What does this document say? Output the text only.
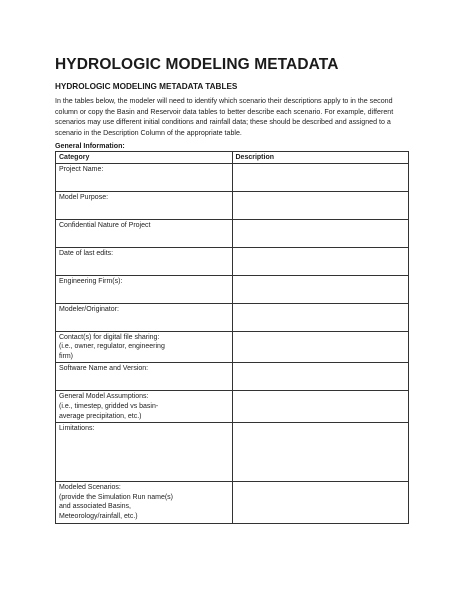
HYDROLOGIC MODELING METADATA
HYDROLOGIC MODELING METADATA TABLES
In the tables below, the modeler will need to identify which scenario their descriptions apply to in the second column or copy the Basin and Reservoir data tables to better describe each scenario. For example, different scenarios may use different initial conditions and rainfall data; these should be described and assigned to a scenario in the Description Column of the appropriate table.
General Information:
Category	Description

Project Name:	

Model Purpose:	

Confidential Nature of Project	

Date of last edits:	

Engineering Firm(s):	

Modeler/Originator:	

Contact(s) for digital file sharing:
(i.e., owner, regulator, engineering
firm)	

Software Name and Version:	

General Model Assumptions:
(i.e., timestep, gridded vs basin-
average precipitation, etc.)	

Limitations:	

Modeled Scenarios:
(provide the Simulation Run name(s)
and associated Basins,
Meteorology/rainfall, etc.)	
